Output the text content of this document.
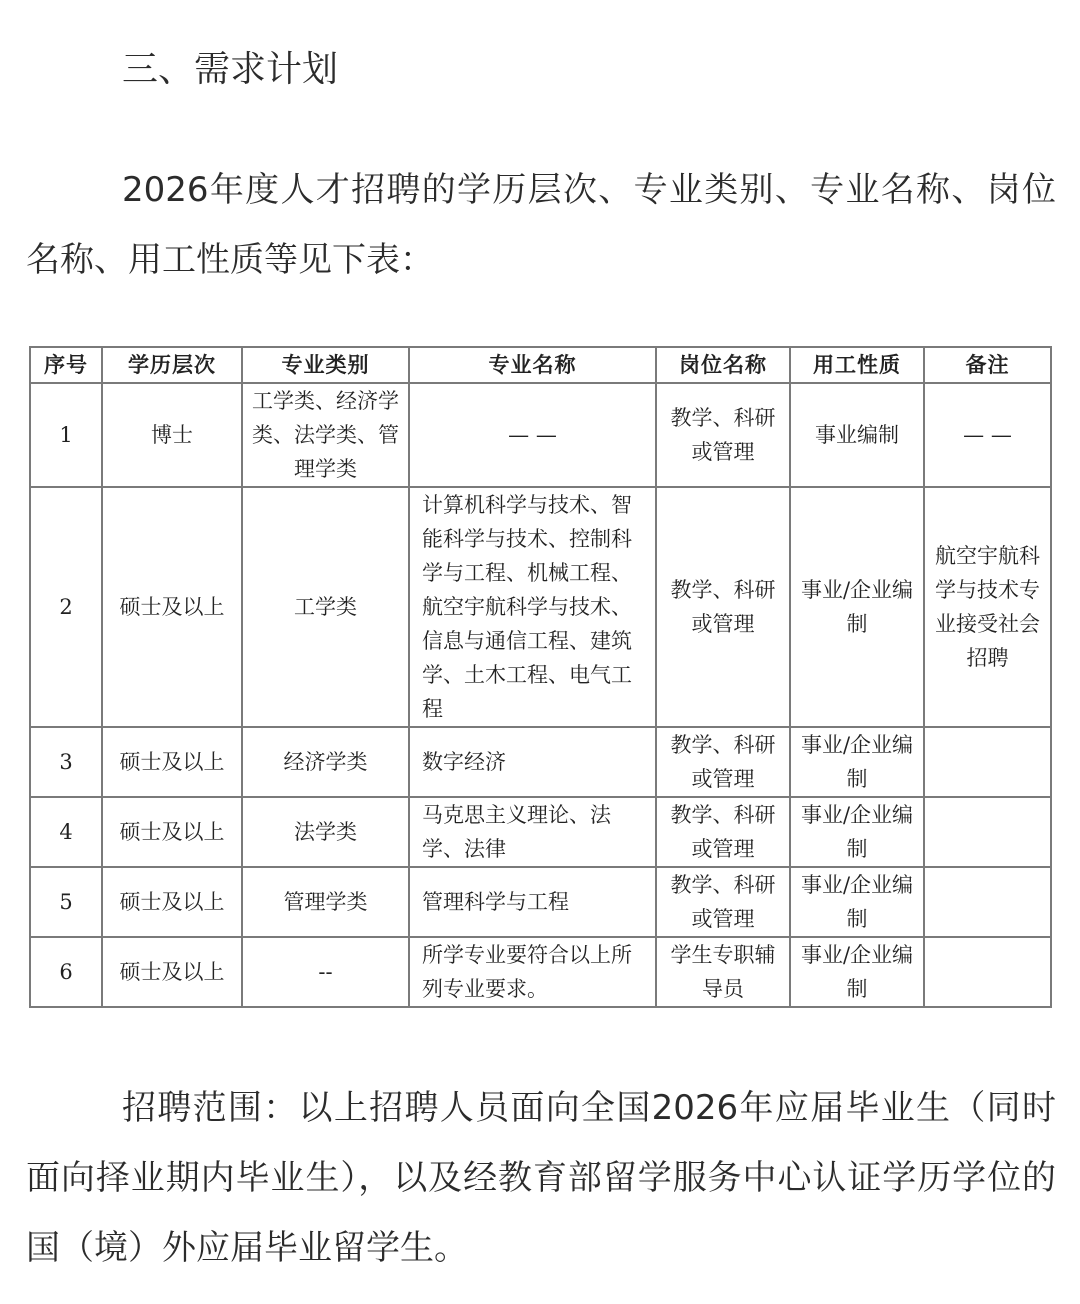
三、需求计划

2026年度人才招聘的学历层次、专业类别、专业名称、岗位名称、用工性质等见下表：

序号	学历层次	专业类别	专业名称	岗位名称	用工性质	备注
1	博士	工学类、经济学类、法学类、管理学类	— —	教学、科研或管理	事业编制	— —
2	硕士及以上	工学类	计算机科学与技术、智能科学与技术、控制科学与工程、机械工程、航空宇航科学与技术、信息与通信工程、建筑学、土木工程、电气工程	教学、科研或管理	事业/企业编制	航空宇航科学与技术专业接受社会招聘
3	硕士及以上	经济学类	数字经济	教学、科研或管理	事业/企业编制	
4	硕士及以上	法学类	马克思主义理论、法学、法律	教学、科研或管理	事业/企业编制	
5	硕士及以上	管理学类	管理科学与工程	教学、科研或管理	事业/企业编制	
6	硕士及以上	--	所学专业要符合以上所列专业要求。	学生专职辅导员	事业/企业编制	

招聘范围：以上招聘人员面向全国2026年应届毕业生（同时面向择业期内毕业生），以及经教育部留学服务中心认证学历学位的国（境）外应届毕业留学生。
